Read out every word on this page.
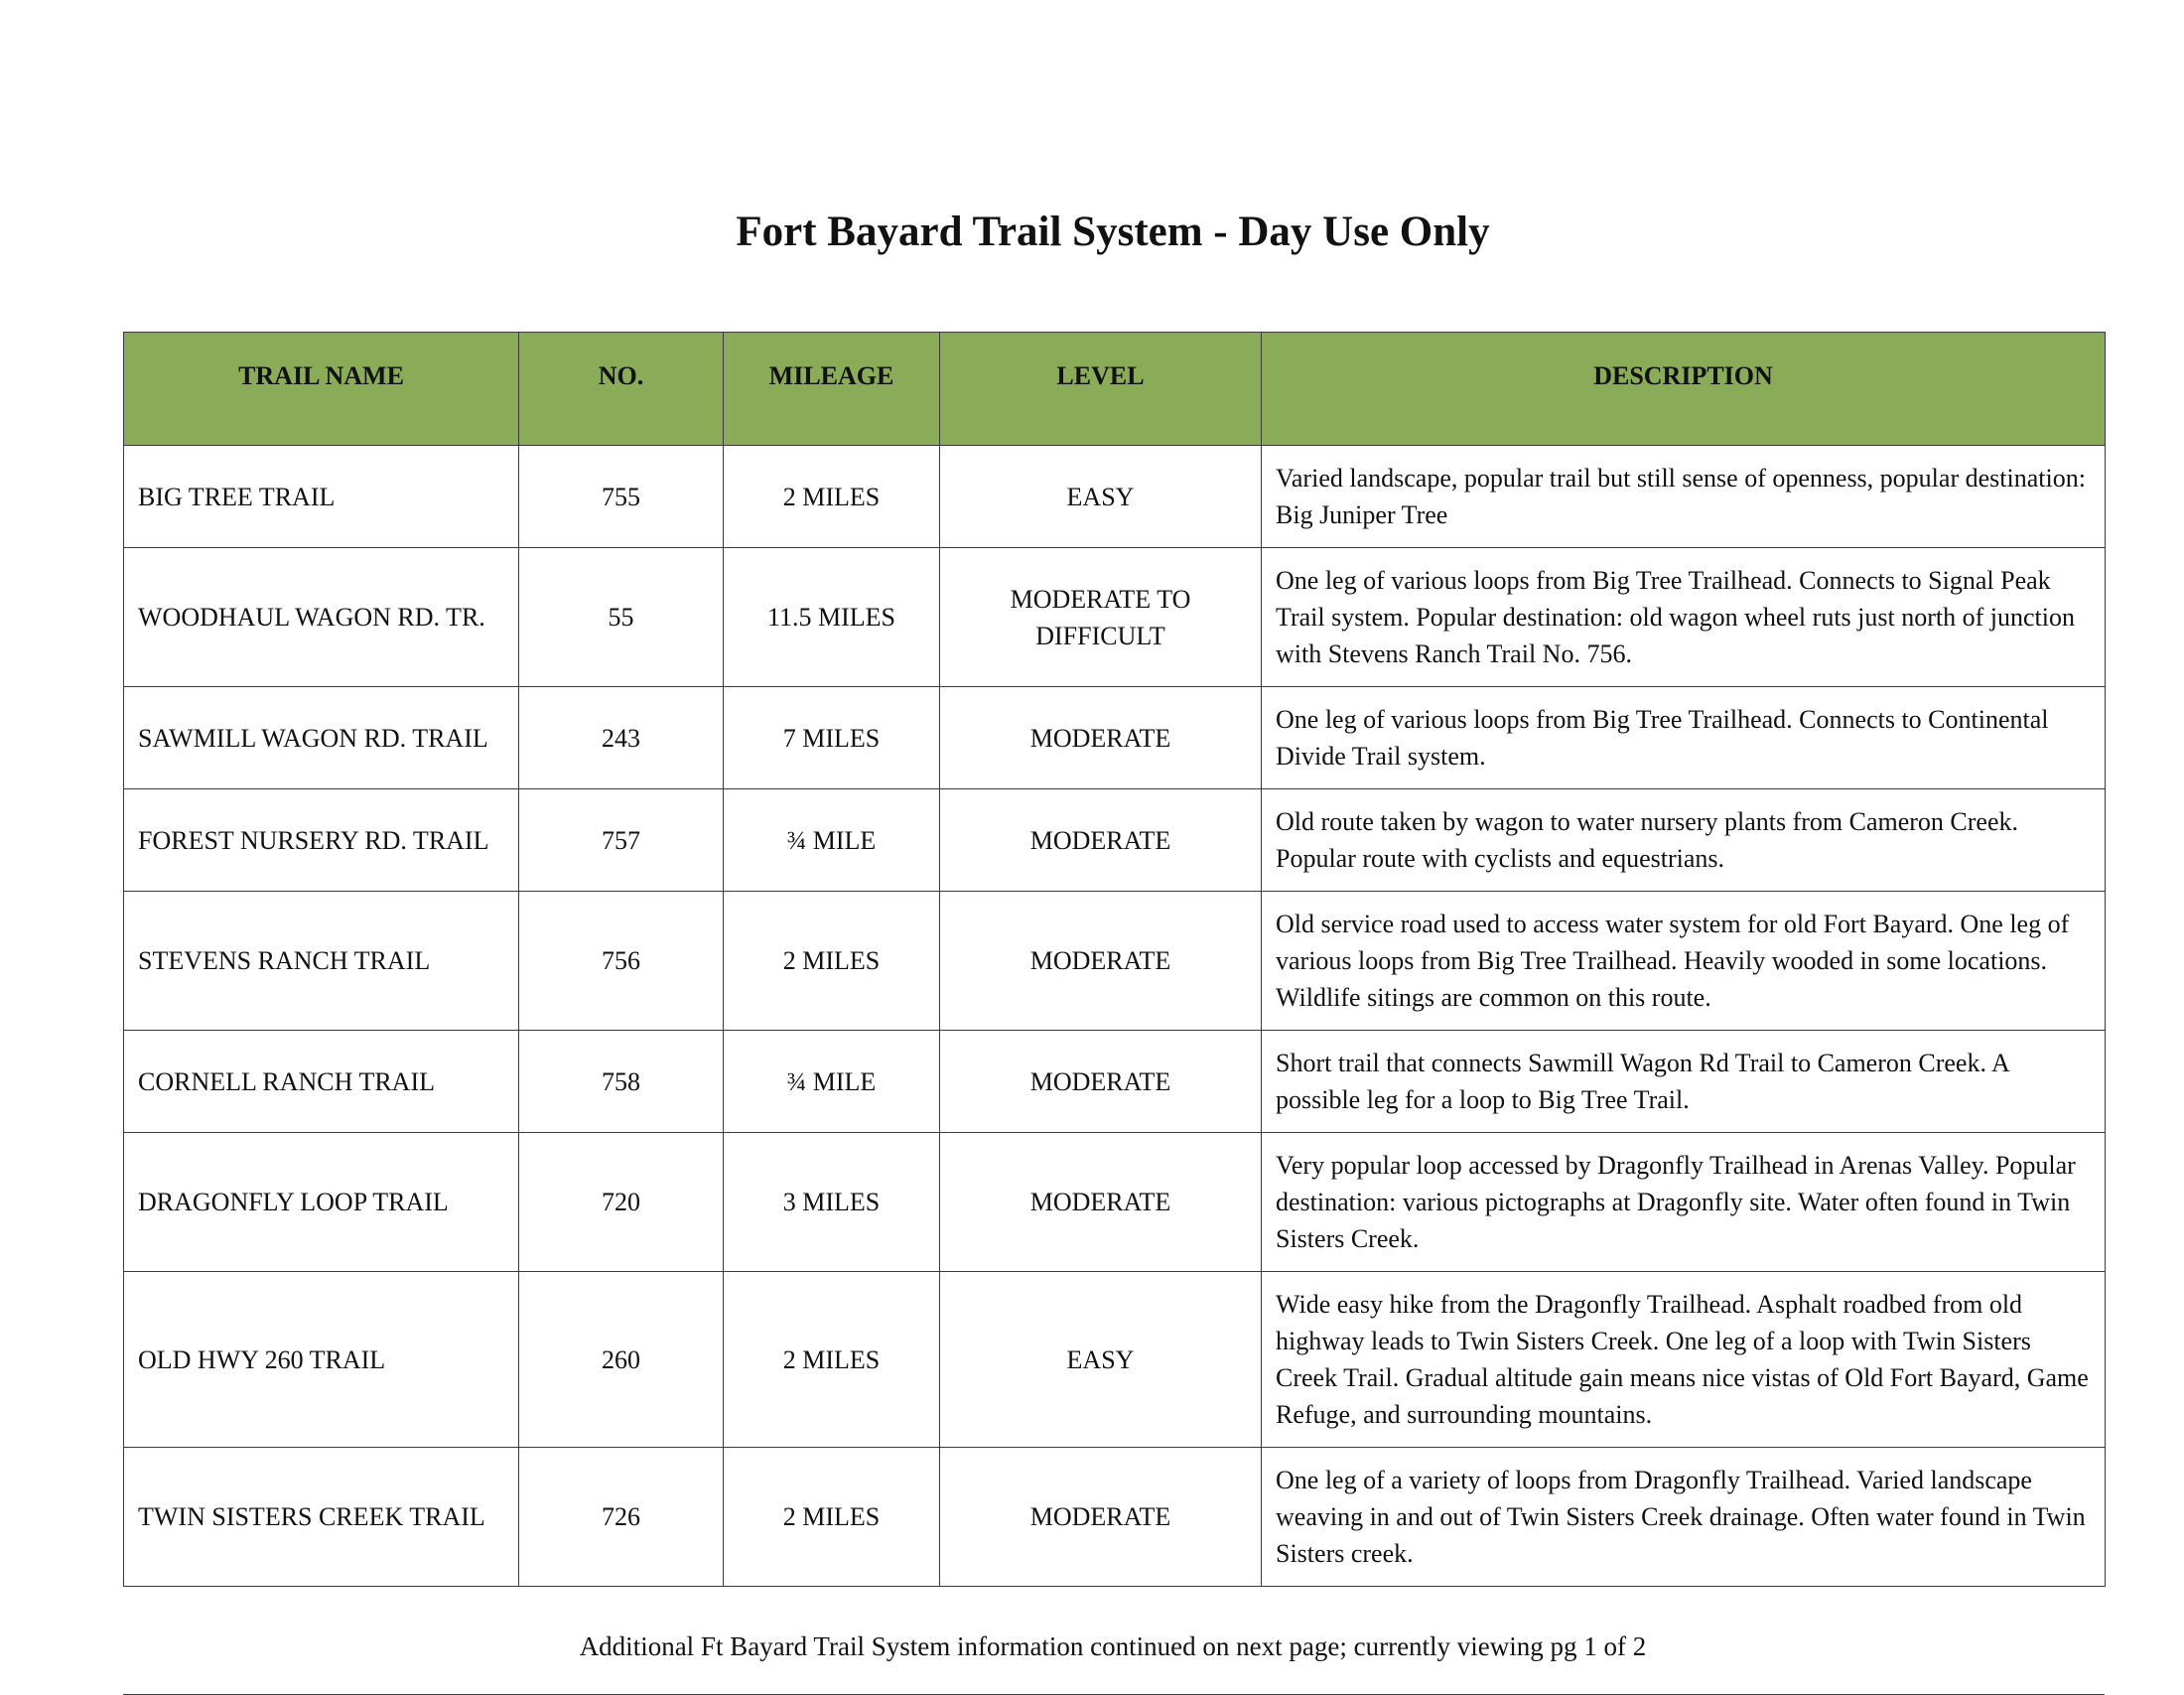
Fort Bayard Trail System - Day Use Only
TRAIL NAME	NO.	MILEAGE	LEVEL	DESCRIPTION
BIG TREE TRAIL	755	2 MILES	EASY	Varied landscape, popular trail but still sense of openness, popular destination: Big Juniper Tree
WOODHAUL WAGON RD. TR.	55	11.5 MILES	MODERATE TO DIFFICULT	One leg of various loops from Big Tree Trailhead. Connects to Signal Peak Trail system. Popular destination: old wagon wheel ruts just north of junction with Stevens Ranch Trail No. 756.
SAWMILL WAGON RD. TRAIL	243	7 MILES	MODERATE	One leg of various loops from Big Tree Trailhead. Connects to Continental Divide Trail system.
FOREST NURSERY RD. TRAIL	757	¾ MILE	MODERATE	Old route taken by wagon to water nursery plants from Cameron Creek. Popular route with cyclists and equestrians.
STEVENS RANCH TRAIL	756	2 MILES	MODERATE	Old service road used to access water system for old Fort Bayard. One leg of various loops from Big Tree Trailhead. Heavily wooded in some locations. Wildlife sitings are common on this route.
CORNELL RANCH TRAIL	758	¾ MILE	MODERATE	Short trail that connects Sawmill Wagon Rd Trail to Cameron Creek. A possible leg for a loop to Big Tree Trail.
DRAGONFLY LOOP TRAIL	720	3 MILES	MODERATE	Very popular loop accessed by Dragonfly Trailhead in Arenas Valley. Popular destination: various pictographs at Dragonfly site. Water often found in Twin Sisters Creek.
OLD HWY 260 TRAIL	260	2 MILES	EASY	Wide easy hike from the Dragonfly Trailhead. Asphalt roadbed from old highway leads to Twin Sisters Creek. One leg of a loop with Twin Sisters Creek Trail. Gradual altitude gain means nice vistas of Old Fort Bayard, Game Refuge, and surrounding mountains.
TWIN SISTERS CREEK TRAIL	726	2 MILES	MODERATE	One leg of a variety of loops from Dragonfly Trailhead. Varied landscape weaving in and out of Twin Sisters Creek drainage. Often water found in Twin Sisters creek.
Additional Ft Bayard Trail System information continued on next page; currently viewing pg 1 of 2
